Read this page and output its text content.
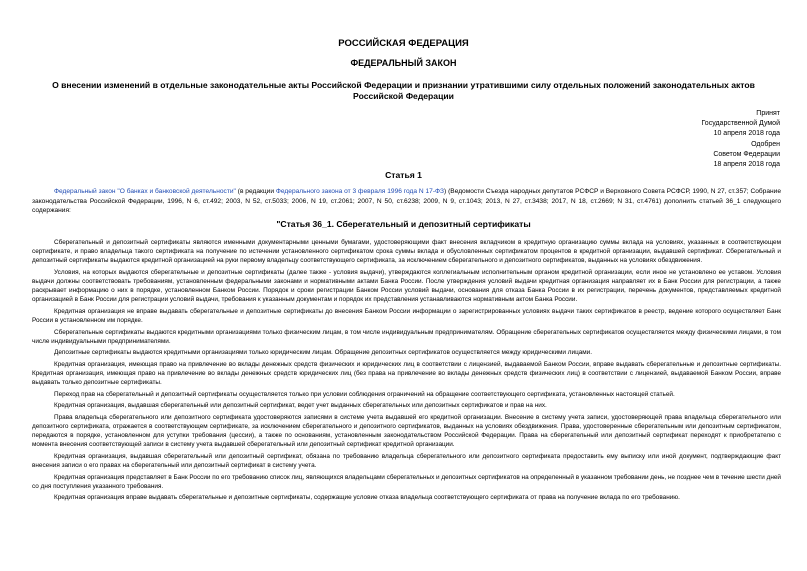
РОССИЙСКАЯ ФЕДЕРАЦИЯ
ФЕДЕРАЛЬНЫЙ ЗАКОН
О внесении изменений в отдельные законодательные акты Российской Федерации и признании утратившими силу отдельных положений законодательных актов Российской Федерации
Принят
Государственной Думой
10 апреля 2018 года
Одобрен
Советом Федерации
18 апреля 2018 года
Статья 1
Федеральный закон "О банках и банковской деятельности" (в редакции Федерального закона от 3 февраля 1996 года N 17-ФЗ) (Ведомости Съезда народных депутатов РСФСР и Верховного Совета РСФСР, 1990, N 27, ст.357; Собрание законодательства Российской Федерации, 1996, N 6, ст.492; 2003, N 52, ст.5033; 2006, N 19, ст.2061; 2007, N 50, ст.6238; 2009, N 9, ст.1043; 2013, N 27, ст.3438; 2017, N 18, ст.2669; N 31, ст.4761) дополнить статьей 36_1 следующего содержания:
"Статья 36_1. Сберегательный и депозитный сертификаты

Сберегательный и депозитный сертификаты являются именными документарными ценными бумагами, удостоверяющими факт внесения вкладчиком в кредитную организацию суммы вклада на условиях, указанных в соответствующем сертификате, и право владельца такого сертификата на получение по истечении установленного сертификатом срока суммы вклада и обусловленных сертификатом процентов в кредитной организации, выдавшей сертификат. Сберегательный и депозитный сертификаты выдаются кредитной организацией на руки первому владельцу соответствующего сертификата, за исключением сберегательного и депозитного сертификатов, выданных на условиях обездвижения.

Условия, на которых выдаются сберегательные и депозитные сертификаты (далее также - условия выдачи), утверждаются коллегиальным исполнительным органом кредитной организации, если иное не установлено ее уставом. Условия выдачи должны соответствовать требованиям, установленным федеральными законами и нормативными актами Банка России. После утверждения условий выдачи кредитная организация направляет их в Банк России для регистрации, а также раскрывает информацию о них в порядке, установленном Банком России. Порядок и сроки регистрации Банком России условий выдачи, основания для отказа Банка России в их регистрации, перечень документов, представляемых кредитной организацией в Банк России для регистрации условий выдачи, требования к указанным документам и порядок их представления устанавливаются нормативным актом Банка России.

Кредитная организация не вправе выдавать сберегательные и депозитные сертификаты до внесения Банком России информации о зарегистрированных условиях выдачи таких сертификатов в реестр, ведение которого осуществляет Банк России в установленном им порядке.

Сберегательные сертификаты выдаются кредитными организациями только физическим лицам, в том числе индивидуальным предпринимателям. Обращение сберегательных сертификатов осуществляется между физическими лицами, в том числе индивидуальными предпринимателями.

Депозитные сертификаты выдаются кредитными организациями только юридическим лицам. Обращение депозитных сертификатов осуществляется между юридическими лицами.

Кредитная организация, имеющая право на привлечение во вклады денежных средств физических и юридических лиц в соответствии с лицензией, выдаваемой Банком России, вправе выдавать сберегательные и депозитные сертификаты. Кредитная организация, имеющая право на привлечение во вклады денежных средств юридических лиц (без права на привлечение во вклады денежных средств физических лиц) в соответствии с лицензией, выдаваемой Банком России, вправе выдавать только депозитные сертификаты.

Переход прав на сберегательный и депозитный сертификаты осуществляется только при условии соблюдения ограничений на обращение соответствующего сертификата, установленных настоящей статьей.

Кредитная организация, выдавшая сберегательный или депозитный сертификат, ведет учет выданных сберегательных или депозитных сертификатов и прав на них.

Права владельца сберегательного или депозитного сертификата удостоверяются записями в системе учета выдавшей его кредитной организации. Внесение в систему учета записи, удостоверяющей права владельца сберегательного или депозитного сертификата, отражается в соответствующем сертификате, за исключением сберегательного и депозитного сертификатов, выданных на условиях обездвижения. Права, удостоверенные сберегательным или депозитным сертификатом, передаются в порядке, установленном для уступки требования (цессии), а также по основаниям, установленным законодательством Российской Федерации. Права на сберегательный или депозитный сертификат переходят к приобретателю с момента внесения соответствующей записи в систему учета выдавшей сберегательный или депозитный сертификат кредитной организации.

Кредитная организация, выдавшая сберегательный или депозитный сертификат, обязана по требованию владельца сберегательного или депозитного сертификата предоставить ему выписку или иной документ, подтверждающие факт внесения записи о его правах на сберегательный или депозитный сертификат в систему учета.

Кредитная организация представляет в Банк России по его требованию список лиц, являющихся владельцами сберегательных и депозитных сертификатов на определенный в указанном требовании день, не позднее чем в течение шести дней со дня поступления указанного требования.

Кредитная организация вправе выдавать сберегательные и депозитные сертификаты, содержащие условие отказа владельца соответствующего сертификата от права на получение вклада по его требованию.
